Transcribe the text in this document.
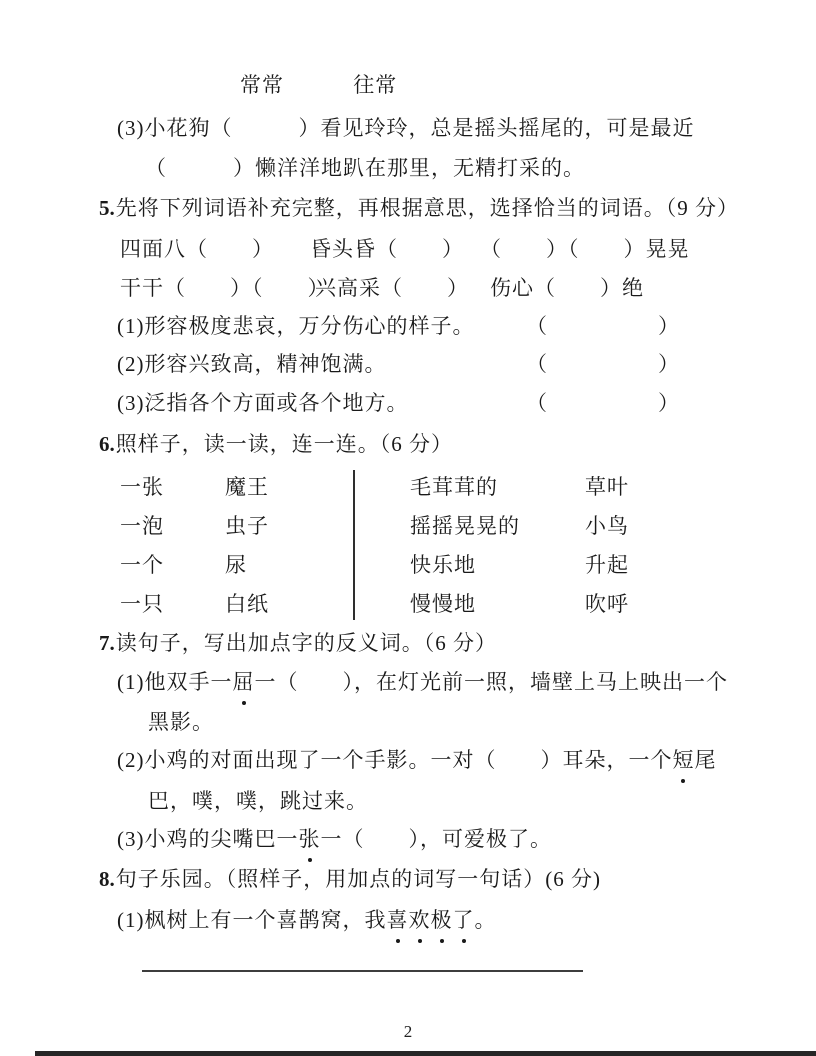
常常	往常
(3)小花狗（　　　）看见玲玲，总是摇头摇尾的，可是最近
（　　　）懒洋洋地趴在那里，无精打采的。
5.先将下列词语补充完整，再根据意思，选择恰当的词语。（9 分）
四面八（　　）	昏头昏（　　） （　　）（　　）晃晃
干干（　　）（　　）
兴高采（　　）	伤心（　　）绝
(1)形容极度悲哀，万分伤心的样子。 （　　　　　）
(2)形容兴致高，精神饱满。	（　　　　　）
(3)泛指各个方面或各个地方。	（　　　　　）
6.照样子，读一读，连一连。（6 分）
一张	魔王	毛茸茸的	草叶
一泡	虫子	摇摇晃晃的	小鸟
一个	尿	快乐地	升起
一只	白纸	慢慢地	吹呼
7.读句子，写出加点字的反义词。（6 分）
(1)他双手一屈一（　　），在灯光前一照，墙壁上马上映出一个
黑影。
(2)小鸡的对面出现了一个手影。一对（　　）耳朵，一个短尾
巴，噗，噗，跳过来。
(3)小鸡的尖嘴巴一张一（　　），可爱极了。
8.句子乐园。（照样子，用加点的词写一句话）(6 分)
(1)枫树上有一个喜鹊窝，我喜欢极了。
2
